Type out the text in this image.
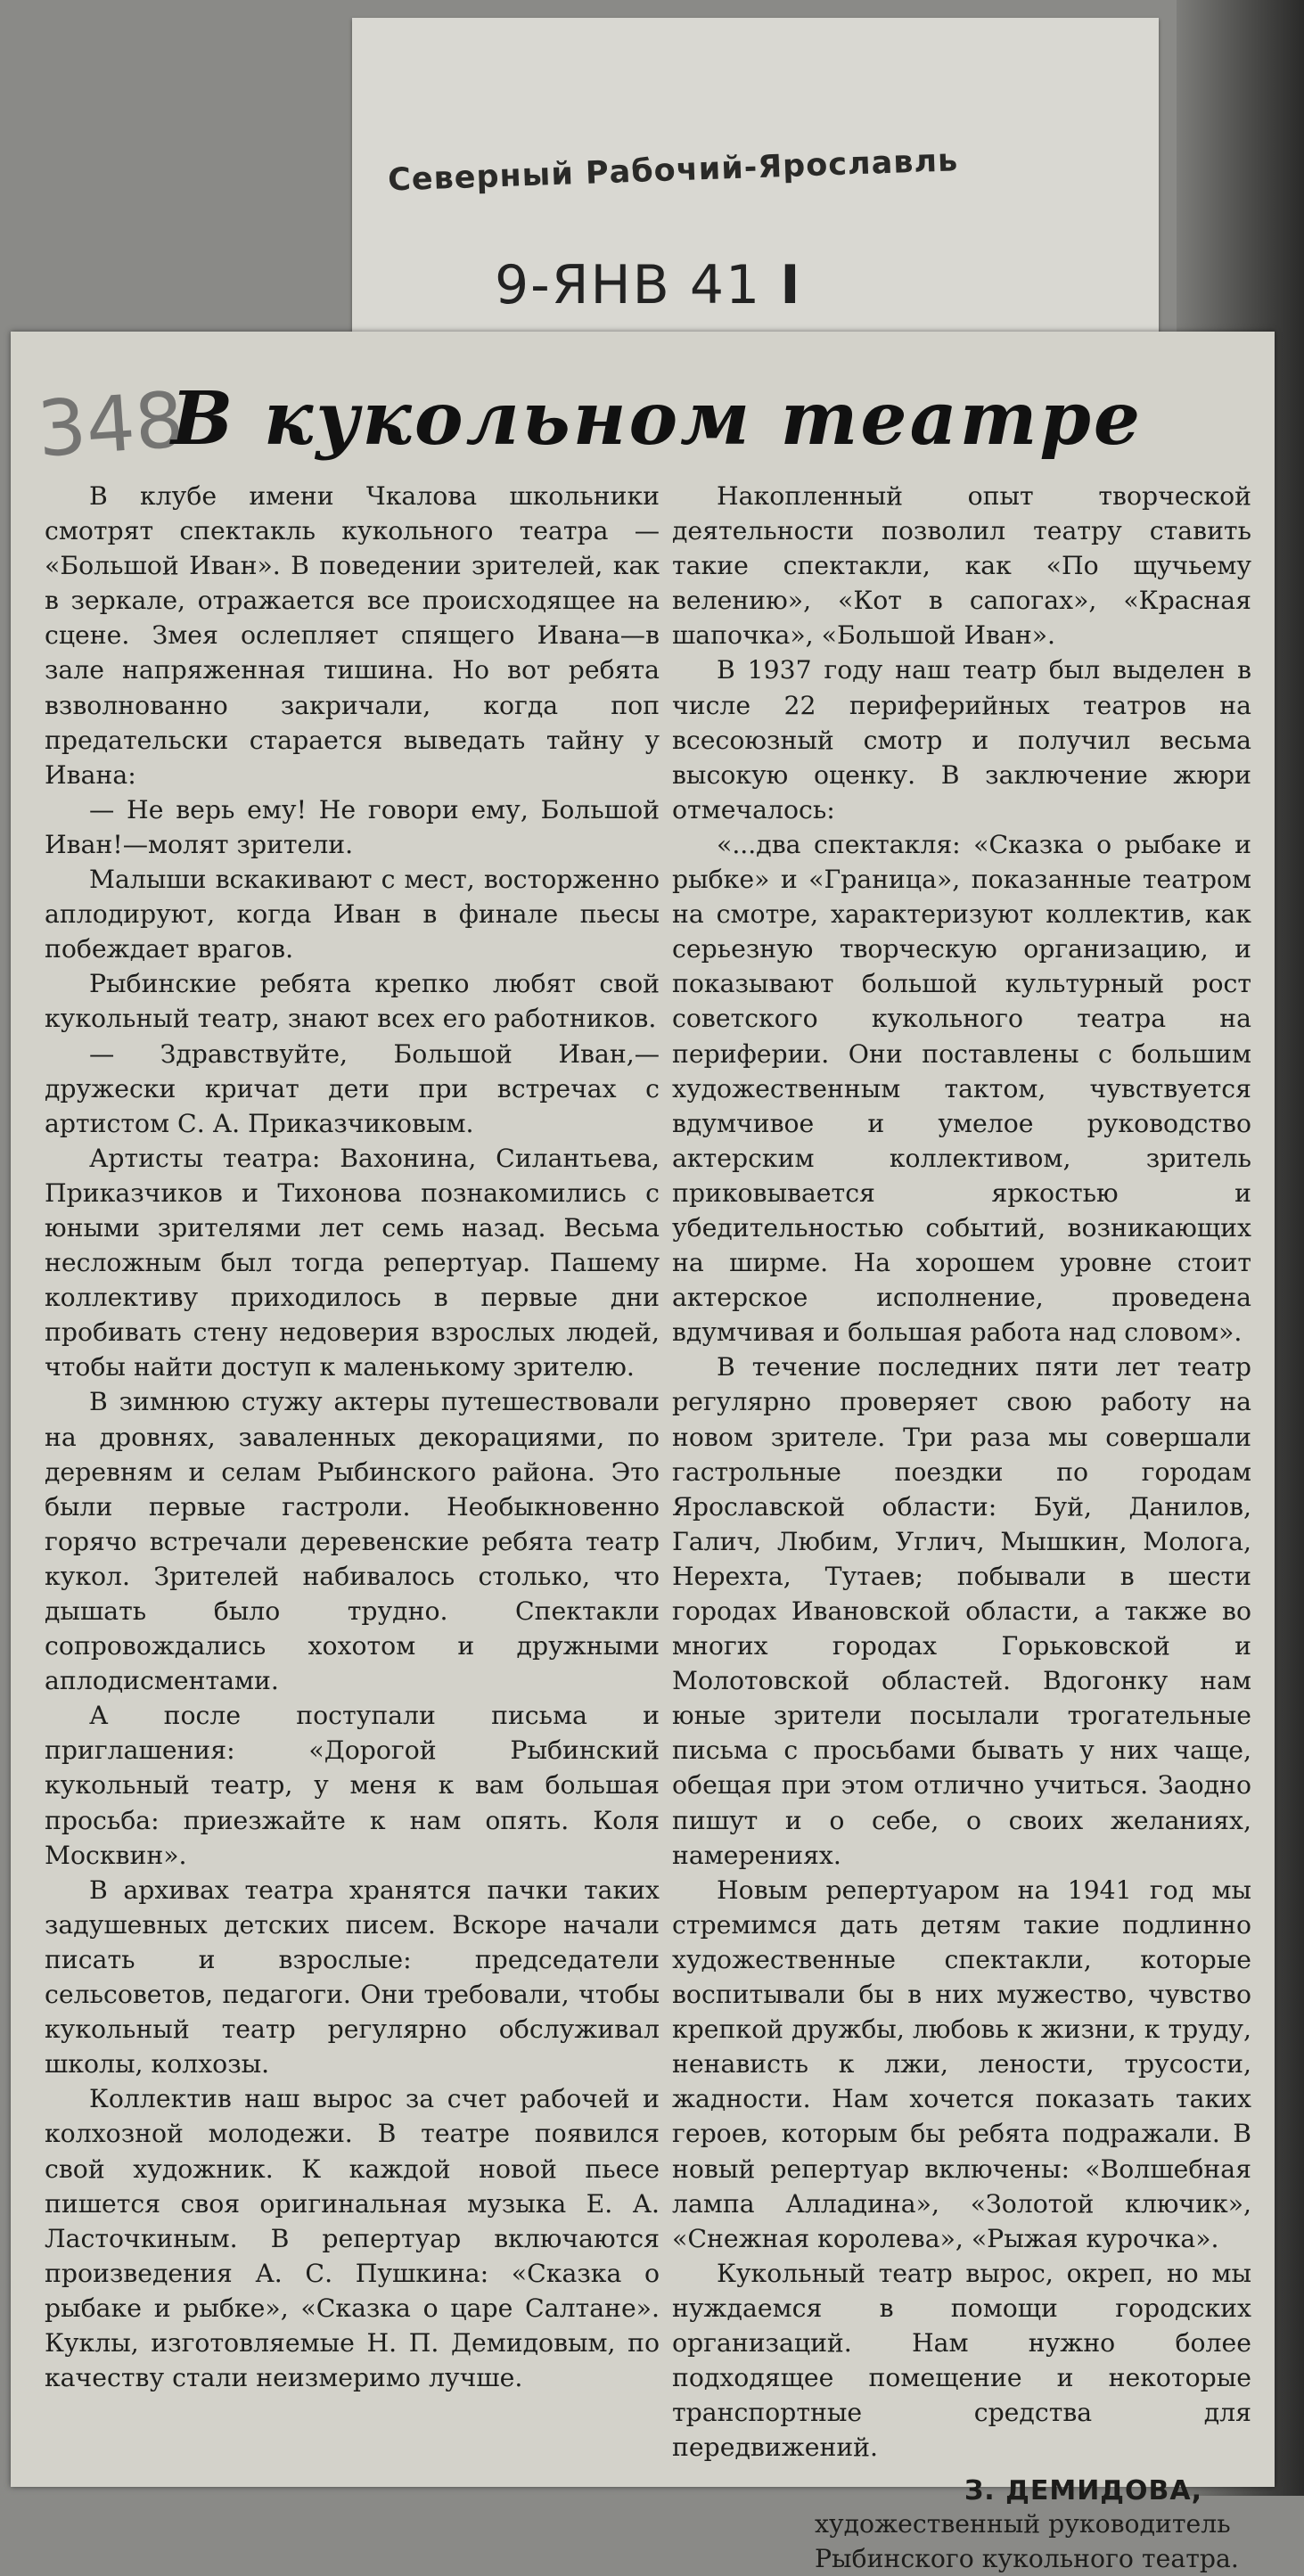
Северный Рабочий-Ярославль
9-ЯНВ 41 I
348
В кукольном театре

В клубе имени Чкалова школьники смотрят спектакль кукольного театра — «Большой Иван». В поведении зрителей, как в зеркале, отражается все происходящее на сцене. Змея ослепляет спящего Ивана—в зале напряженная тишина. Но вот ребята взволнованно закричали, когда поп предательски старается выведать тайну у Ивана:

— Не верь ему! Не говори ему, Большой Иван!—молят зрители.

Малыши вскакивают с мест, восторженно аплодируют, когда Иван в финале пьесы побеждает врагов.

Рыбинские ребята крепко любят свой кукольный театр, знают всех его работников.

— Здравствуйте, Большой Иван,—дружески кричат дети при встречах с артистом С. А. Приказчиковым.

Артисты театра: Вахонина, Силантьева, Приказчиков и Тихонова познакомились с юными зрителями лет семь назад. Весьма несложным был тогда репертуар. Пашему коллективу приходилось в первые дни пробивать стену недоверия взрослых людей, чтобы найти доступ к маленькому зрителю.

В зимнюю стужу актеры путешествовали на дровнях, заваленных декорациями, по деревням и селам Рыбинского района. Это были первые гастроли. Необыкновенно горячо встречали деревенские ребята театр кукол. Зрителей набивалось столько, что дышать было трудно. Спектакли сопровождались хохотом и дружными аплодисментами.

А после поступали письма и приглашения: «Дорогой Рыбинский кукольный театр, у меня к вам большая просьба: приезжайте к нам опять. Коля Москвин».

В архивах театра хранятся пачки таких задушевных детских писем. Вскоре начали писать и взрослые: председатели сельсоветов, педагоги. Они требовали, чтобы кукольный театр регулярно обслуживал школы, колхозы.

Коллектив наш вырос за счет рабочей и колхозной молодежи. В театре появился свой художник. К каждой новой пьесе пишется своя оригинальная музыка Е. А. Ласточкиным. В репертуар включаются произведения А. С. Пушкина: «Сказка о рыбаке и рыбке», «Сказка о царе Салтане». Куклы, изготовляемые Н. П. Демидовым, по качеству стали неизмеримо лучше.

Накопленный опыт творческой деятельности позволил театру ставить такие спектакли, как «По щучьему велению», «Кот в сапогах», «Красная шапочка», «Большой Иван».

В 1937 году наш театр был выделен в числе 22 периферийных театров на всесоюзный смотр и получил весьма высокую оценку. В заключение жюри отмечалось:

«...два спектакля: «Сказка о рыбаке и рыбке» и «Граница», показанные театром на смотре, характеризуют коллектив, как серьезную творческую организацию, и показывают большой культурный рост советского кукольного театра на периферии. Они поставлены с большим художественным тактом, чувствуется вдумчивое и умелое руководство актерским коллективом, зритель приковывается яркостью и убедительностью событий, возникающих на ширме. На хорошем уровне стоит актерское исполнение, проведена вдумчивая и большая работа над словом».

В течение последних пяти лет театр регулярно проверяет свою работу на новом зрителе. Три раза мы совершали гастрольные поездки по городам Ярославской области: Буй, Данилов, Галич, Любим, Углич, Мышкин, Молога, Нерехта, Тутаев; побывали в шести городах Ивановской области, а также во многих городах Горьковской и Молотовской областей. Вдогонку нам юные зрители посылали трогательные письма с просьбами бывать у них чаще, обещая при этом отлично учиться. Заодно пишут и о себе, о своих желаниях, намерениях.

Новым репертуаром на 1941 год мы стремимся дать детям такие подлинно художественные спектакли, которые воспитывали бы в них мужество, чувство крепкой дружбы, любовь к жизни, к труду, ненависть к лжи, лености, трусости, жадности. Нам хочется показать таких героев, которым бы ребята подражали. В новый репертуар включены: «Волшебная лампа Алладина», «Золотой ключик», «Снежная королева», «Рыжая курочка».

Кукольный театр вырос, окреп, но мы нуждаемся в помощи городских организаций. Нам нужно более подходящее помещение и некоторые транспортные средства для передвижений.

З. ДЕМИДОВА,
художественный руководитель Рыбинского кукольного театра.
